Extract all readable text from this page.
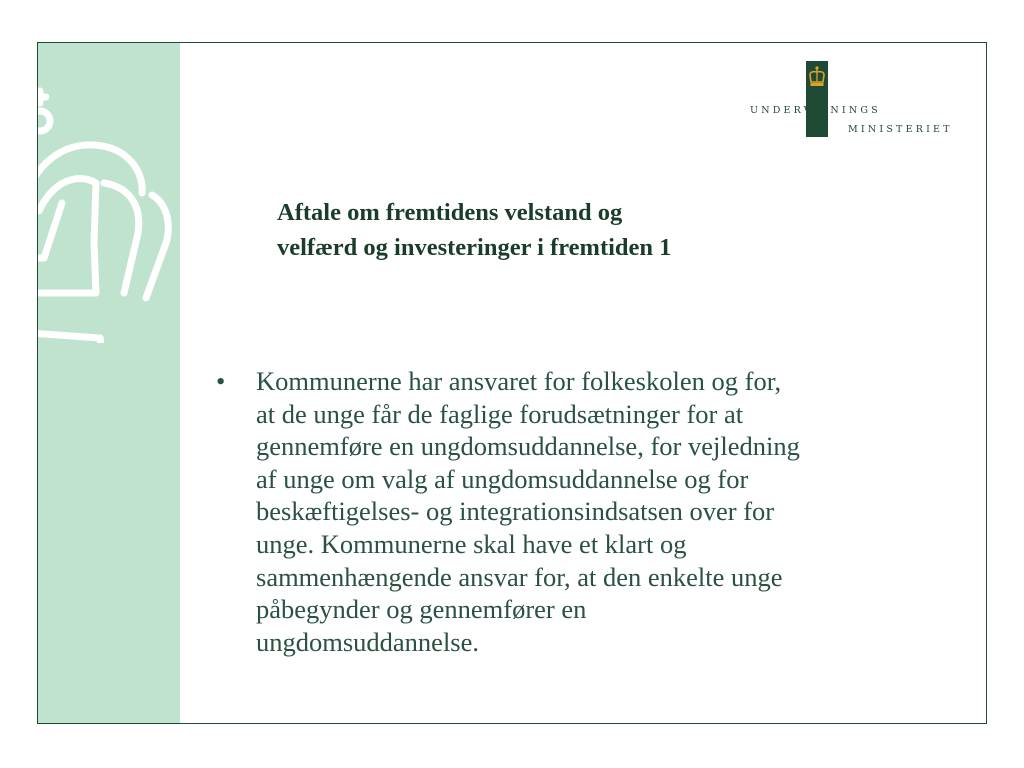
UNDERVISNINGS
MINISTERIET
Aftale om fremtidens velstand og
velfærd og investeringer i fremtiden 1
• Kommunerne har ansvaret for folkeskolen og for,
at de unge får de faglige forudsætninger for at
gennemføre en ungdomsuddannelse, for vejledning
af unge om valg af ungdomsuddannelse og for
beskæftigelses- og integrationsindsatsen over for
unge. Kommunerne skal have et klart og
sammenhængende ansvar for, at den enkelte unge
påbegynder og gennemfører en
ungdomsuddannelse.
